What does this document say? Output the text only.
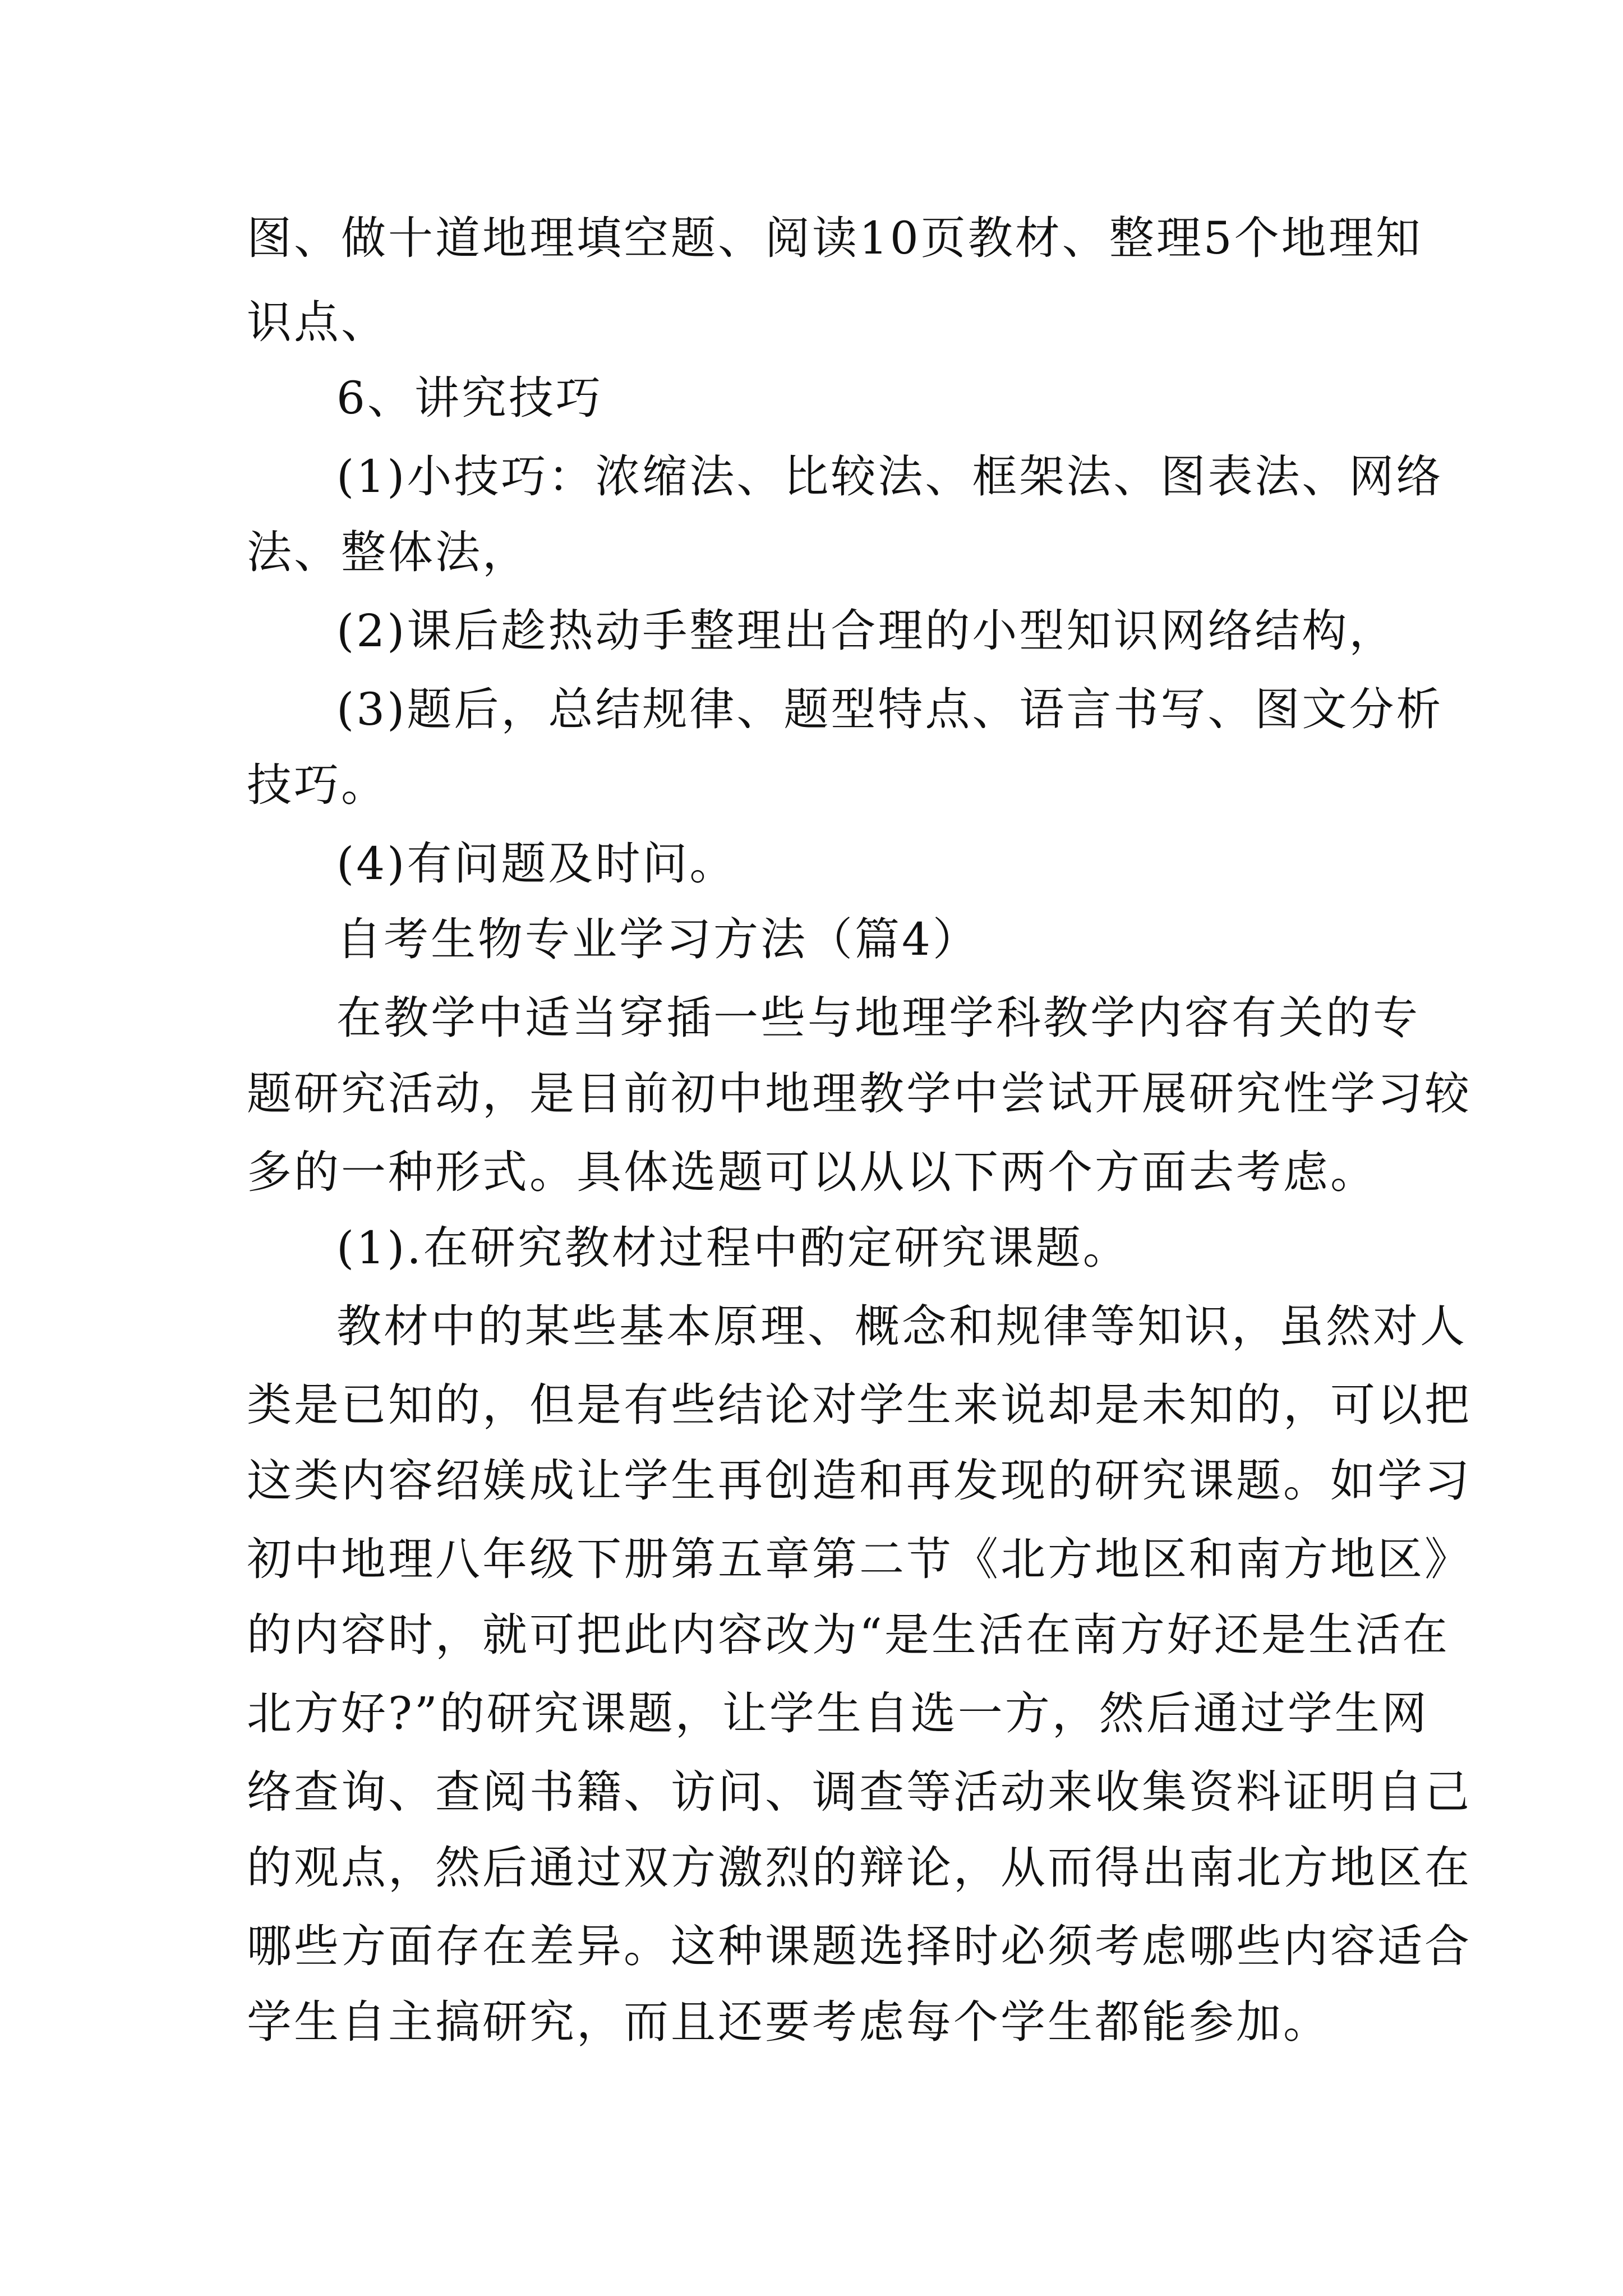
图、做十道地理填空题、阅读10页教材、整理5个地理知
识点、
6、讲究技巧
(1)小技巧：浓缩法、比较法、框架法、图表法、网络
法、整体法，
(2)课后趁热动手整理出合理的小型知识网络结构，
(3)题后，总结规律、题型特点、语言书写、图文分析
技巧。
(4)有问题及时问。
自考生物专业学习方法（篇4）
在教学中适当穿插一些与地理学科教学内容有关的专
题研究活动，是目前初中地理教学中尝试开展研究性学习较
多的一种形式。具体选题可以从以下两个方面去考虑。
(1).在研究教材过程中酌定研究课题。
教材中的某些基本原理、概念和规律等知识，虽然对人
类是已知的，但是有些结论对学生来说却是未知的，可以把
这类内容绍媄成让学生再创造和再发现的研究课题。如学习
初中地理八年级下册第五章第二节《北方地区和南方地区》
的内容时，就可把此内容改为“是生活在南方好还是生活在
北方好?”的研究课题，让学生自选一方，然后通过学生网
络查询、查阅书籍、访问、调查等活动来收集资料证明自己
的观点，然后通过双方激烈的辩论，从而得出南北方地区在
哪些方面存在差异。这种课题选择时必须考虑哪些内容适合
学生自主搞研究，而且还要考虑每个学生都能参加。
